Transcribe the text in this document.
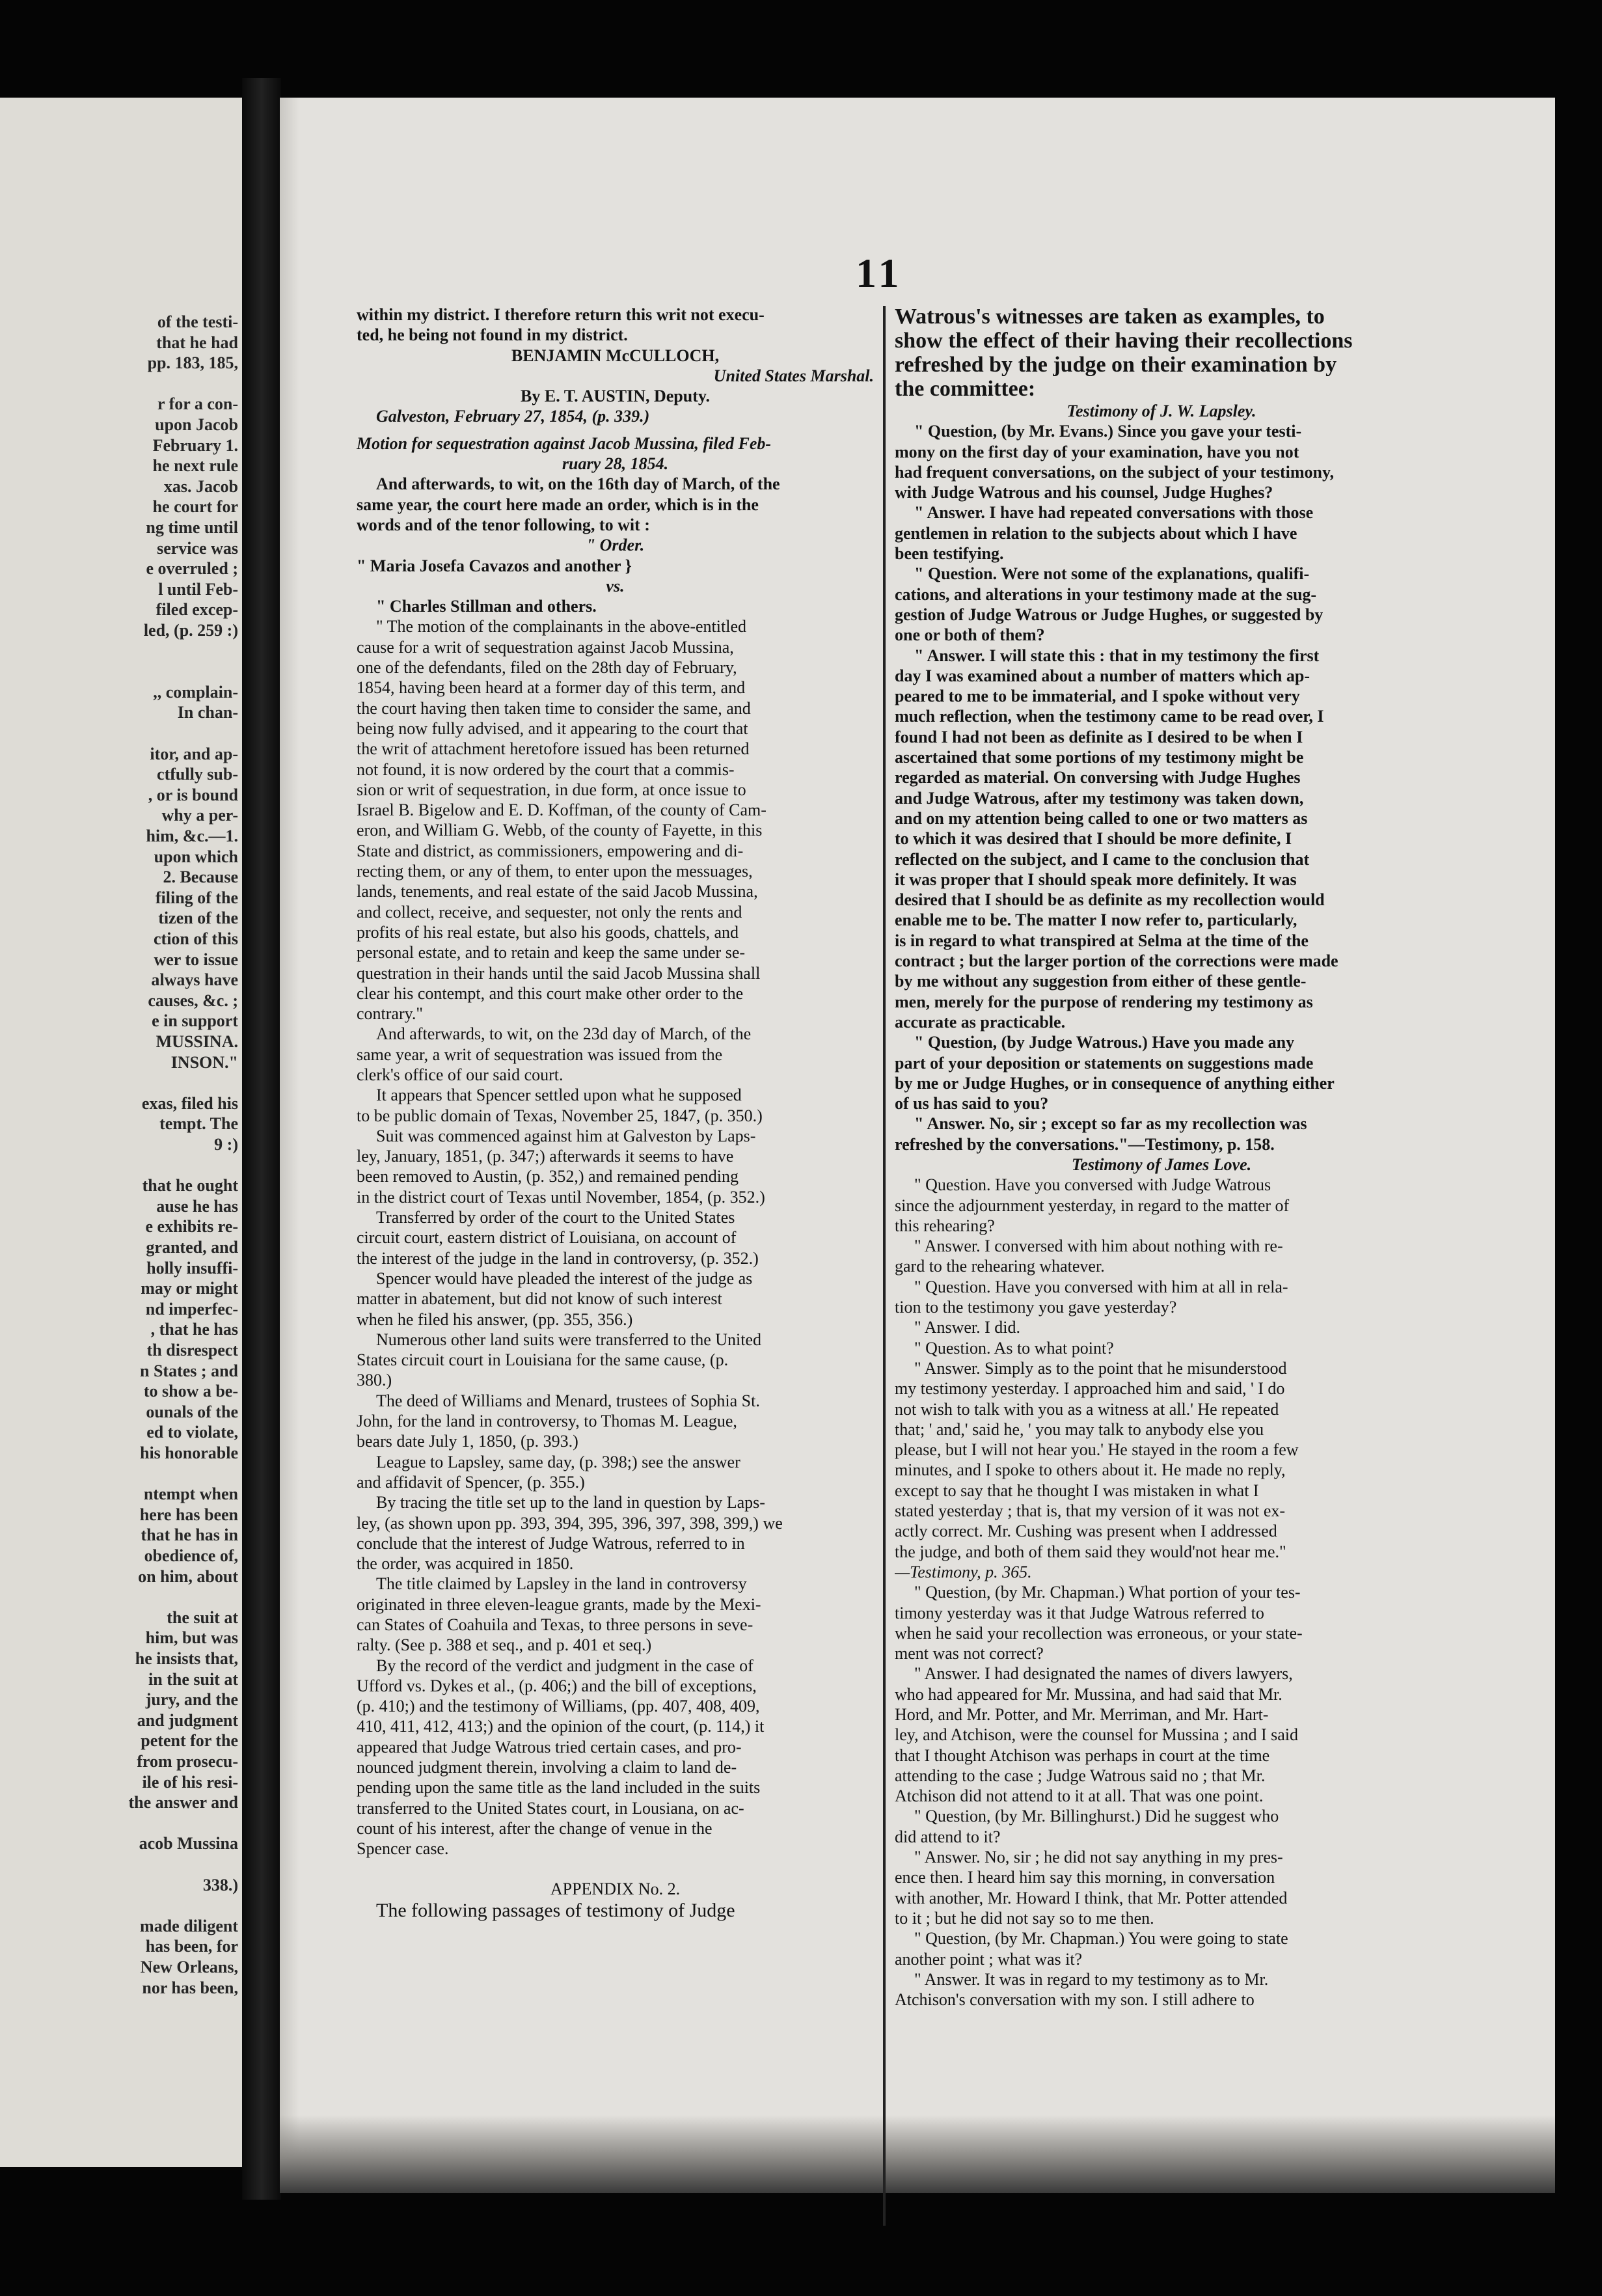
of the testi-
that he had
pp. 183, 185,
r for a con-
upon Jacob
February 1.
he next rule
xas. Jacob
he court for
ng time until
service was
e overruled ;
l until Feb-
filed excep-
led, (p. 259 :)
,, complain-
In chan-
itor, and ap-
ctfully sub-
, or is bound
why a per-
him, &c.—1.
upon which
2. Because
filing of the
tizen of the
ction of this
wer to issue
always have
causes, &c. ;
e in support
MUSSINA.
INSON."
exas, filed his
tempt. The
9 :)
that he ought
ause he has
e exhibits re-
granted, and
holly insuffi-
may or might
nd imperfec-
, that he has
th disrespect
n States ; and
to show a be-
ounals of the
ed to violate,
his honorable
ntempt when
here has been
that he has in
obedience of,
on him, about
the suit at
him, but was
he insists that,
in the suit at
jury, and the
and judgment
petent for the
from prosecu-
ile of his resi-
the answer and
acob Mussina
338.)
made diligent
has been, for
New Orleans,
nor has been,
11
within my district. I therefore return this writ not execu-
ted, he being not found in my district.
BENJAMIN McCULLOCH,
United States Marshal.
By E. T. AUSTIN, Deputy.
Galveston, February 27, 1854, (p. 339.)
Motion for sequestration against Jacob Mussina, filed Feb-
ruary 28, 1854.
And afterwards, to wit, on the 16th day of March, of the
same year, the court here made an order, which is in the
words and of the tenor following, to wit :
" Order.
" Maria Josefa Cavazos and another }
vs.
" Charles Stillman and others.
" The motion of the complainants in the above-entitled
cause for a writ of sequestration against Jacob Mussina,
one of the defendants, filed on the 28th day of February,
1854, having been heard at a former day of this term, and
the court having then taken time to consider the same, and
being now fully advised, and it appearing to the court that
the writ of attachment heretofore issued has been returned
not found, it is now ordered by the court that a commis-
sion or writ of sequestration, in due form, at once issue to
Israel B. Bigelow and E. D. Koffman, of the county of Cam-
eron, and William G. Webb, of the county of Fayette, in this
State and district, as commissioners, empowering and di-
recting them, or any of them, to enter upon the messuages,
lands, tenements, and real estate of the said Jacob Mussina,
and collect, receive, and sequester, not only the rents and
profits of his real estate, but also his goods, chattels, and
personal estate, and to retain and keep the same under se-
questration in their hands until the said Jacob Mussina shall
clear his contempt, and this court make other order to the
contrary."
And afterwards, to wit, on the 23d day of March, of the
same year, a writ of sequestration was issued from the
clerk's office of our said court.
It appears that Spencer settled upon what he supposed
to be public domain of Texas, November 25, 1847, (p. 350.)
Suit was commenced against him at Galveston by Laps-
ley, January, 1851, (p. 347;) afterwards it seems to have
been removed to Austin, (p. 352,) and remained pending
in the district court of Texas until November, 1854, (p. 352.)
Transferred by order of the court to the United States
circuit court, eastern district of Louisiana, on account of
the interest of the judge in the land in controversy, (p. 352.)
Spencer would have pleaded the interest of the judge as
matter in abatement, but did not know of such interest
when he filed his answer, (pp. 355, 356.)
Numerous other land suits were transferred to the United
States circuit court in Louisiana for the same cause, (p.
380.)
The deed of Williams and Menard, trustees of Sophia St.
John, for the land in controversy, to Thomas M. League,
bears date July 1, 1850, (p. 393.)
League to Lapsley, same day, (p. 398;) see the answer
and affidavit of Spencer, (p. 355.)
By tracing the title set up to the land in question by Laps-
ley, (as shown upon pp. 393, 394, 395, 396, 397, 398, 399,) we
conclude that the interest of Judge Watrous, referred to in
the order, was acquired in 1850.
The title claimed by Lapsley in the land in controversy
originated in three eleven-league grants, made by the Mexi-
can States of Coahuila and Texas, to three persons in seve-
ralty. (See p. 388 et seq., and p. 401 et seq.)
By the record of the verdict and judgment in the case of
Ufford vs. Dykes et al., (p. 406;) and the bill of exceptions,
(p. 410;) and the testimony of Williams, (pp. 407, 408, 409,
410, 411, 412, 413;) and the opinion of the court, (p. 114,) it
appeared that Judge Watrous tried certain cases, and pro-
nounced judgment therein, involving a claim to land de-
pending upon the same title as the land included in the suits
transferred to the United States court, in Lousiana, on ac-
count of his interest, after the change of venue in the
Spencer case.
APPENDIX No. 2.
The following passages of testimony of Judge
Watrous's witnesses are taken as examples, to
show the effect of their having their recollections
refreshed by the judge on their examination by
the committee:
Testimony of J. W. Lapsley.
" Question, (by Mr. Evans.) Since you gave your testi-
mony on the first day of your examination, have you not
had frequent conversations, on the subject of your testimony,
with Judge Watrous and his counsel, Judge Hughes?
" Answer. I have had repeated conversations with those
gentlemen in relation to the subjects about which I have
been testifying.
" Question. Were not some of the explanations, qualifi-
cations, and alterations in your testimony made at the sug-
gestion of Judge Watrous or Judge Hughes, or suggested by
one or both of them?
" Answer. I will state this : that in my testimony the first
day I was examined about a number of matters which ap-
peared to me to be immaterial, and I spoke without very
much reflection, when the testimony came to be read over, I
found I had not been as definite as I desired to be when I
ascertained that some portions of my testimony might be
regarded as material. On conversing with Judge Hughes
and Judge Watrous, after my testimony was taken down,
and on my attention being called to one or two matters as
to which it was desired that I should be more definite, I
reflected on the subject, and I came to the conclusion that
it was proper that I should speak more definitely. It was
desired that I should be as definite as my recollection would
enable me to be. The matter I now refer to, particularly,
is in regard to what transpired at Selma at the time of the
contract ; but the larger portion of the corrections were made
by me without any suggestion from either of these gentle-
men, merely for the purpose of rendering my testimony as
accurate as practicable.
" Question, (by Judge Watrous.) Have you made any
part of your deposition or statements on suggestions made
by me or Judge Hughes, or in consequence of anything either
of us has said to you?
" Answer. No, sir ; except so far as my recollection was
refreshed by the conversations."—Testimony, p. 158.
Testimony of James Love.
" Question. Have you conversed with Judge Watrous
since the adjournment yesterday, in regard to the matter of
this rehearing?
" Answer. I conversed with him about nothing with re-
gard to the rehearing whatever.
" Question. Have you conversed with him at all in rela-
tion to the testimony you gave yesterday?
" Answer. I did.
" Question. As to what point?
" Answer. Simply as to the point that he misunderstood
my testimony yesterday. I approached him and said, ' I do
not wish to talk with you as a witness at all.' He repeated
that; ' and,' said he, ' you may talk to anybody else you
please, but I will not hear you.' He stayed in the room a few
minutes, and I spoke to others about it. He made no reply,
except to say that he thought I was mistaken in what I
stated yesterday ; that is, that my version of it was not ex-
actly correct. Mr. Cushing was present when I addressed
the judge, and both of them said they would'not hear me."
—Testimony, p. 365.
" Question, (by Mr. Chapman.) What portion of your tes-
timony yesterday was it that Judge Watrous referred to
when he said your recollection was erroneous, or your state-
ment was not correct?
" Answer. I had designated the names of divers lawyers,
who had appeared for Mr. Mussina, and had said that Mr.
Hord, and Mr. Potter, and Mr. Merriman, and Mr. Hart-
ley, and Atchison, were the counsel for Mussina ; and I said
that I thought Atchison was perhaps in court at the time
attending to the case ; Judge Watrous said no ; that Mr.
Atchison did not attend to it at all. That was one point.
" Question, (by Mr. Billinghurst.) Did he suggest who
did attend to it?
" Answer. No, sir ; he did not say anything in my pres-
ence then. I heard him say this morning, in conversation
with another, Mr. Howard I think, that Mr. Potter attended
to it ; but he did not say so to me then.
" Question, (by Mr. Chapman.) You were going to state
another point ; what was it?
" Answer. It was in regard to my testimony as to Mr.
Atchison's conversation with my son. I still adhere to
